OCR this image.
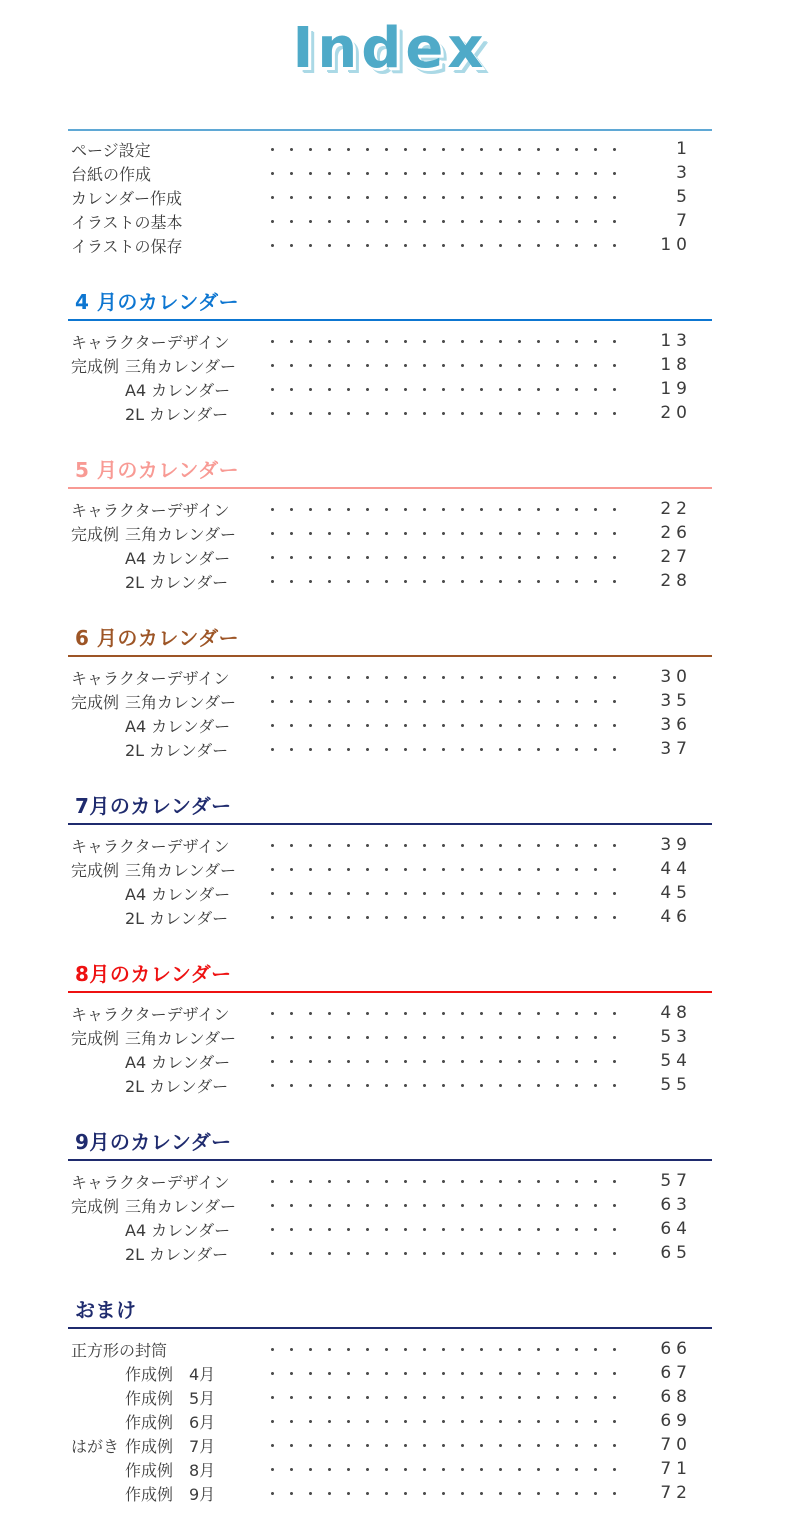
Index
ページ設定	1
台紙の作成	3
カレンダー作成	5
イラストの基本	7
イラストの保存	10
4 月のカレンダー
キャラクターデザイン	13
完成例 三角カレンダー	18
A4 カレンダー	19
2L カレンダー	20
5 月のカレンダー
キャラクターデザイン	22
完成例 三角カレンダー	26
A4 カレンダー	27
2L カレンダー	28
6 月のカレンダー
キャラクターデザイン	30
完成例 三角カレンダー	35
A4 カレンダー	36
2L カレンダー	37
7月のカレンダー
キャラクターデザイン	39
完成例 三角カレンダー	44
A4 カレンダー	45
2L カレンダー	46
8月のカレンダー
キャラクターデザイン	48
完成例 三角カレンダー	53
A4 カレンダー	54
2L カレンダー	55
9月のカレンダー
キャラクターデザイン	57
完成例 三角カレンダー	63
A4 カレンダー	64
2L カレンダー	65
おまけ
正方形の封筒	66
作成例　4月	67
作成例　5月	68
作成例　6月	69
はがき 作成例　7月	70
作成例　8月	71
作成例　9月	72
